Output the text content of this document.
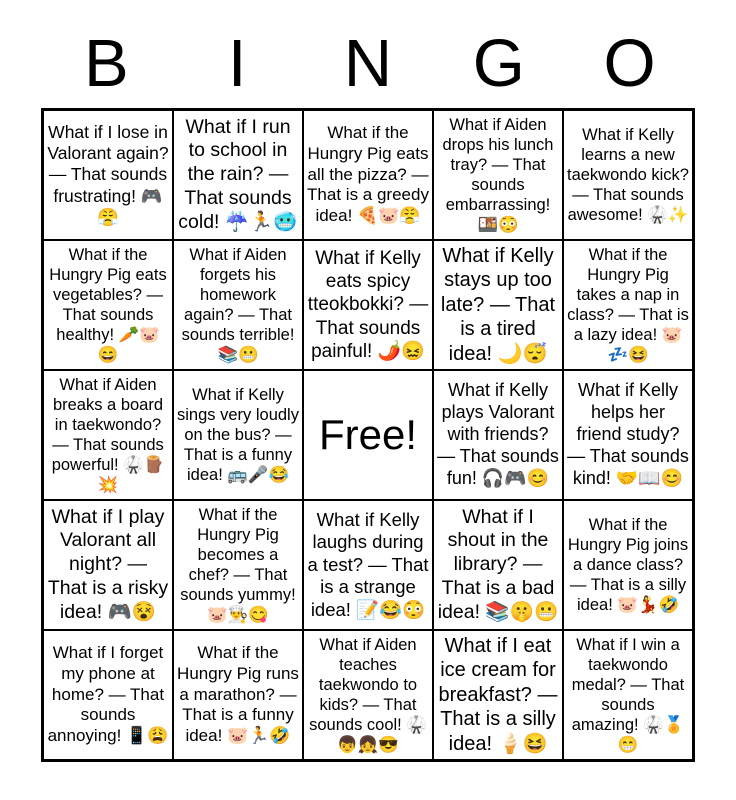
B	I	N	G	O
What if I lose in Valorant again? — That sounds frustrating! 🎮😤
What if I run to school in the rain? — That sounds cold! ☔🏃🥶
What if the Hungry Pig eats all the pizza? — That is a greedy idea! 🍕🐷😤
What if Aiden drops his lunch tray? — That sounds embarrassing! 🍱😳
What if Kelly learns a new taekwondo kick? — That sounds awesome! 🥋✨
What if the Hungry Pig eats vegetables? — That sounds healthy! 🥕🐷😄
What if Aiden forgets his homework again? — That sounds terrible! 📚😬
What if Kelly eats spicy tteokbokki? — That sounds painful! 🌶️😖
What if Kelly stays up too late? — That is a tired idea! 🌙😴
What if the Hungry Pig takes a nap in class? — That is a lazy idea! 🐷💤😆
What if Aiden breaks a board in taekwondo? — That sounds powerful! 🥋🪵💥
What if Kelly sings very loudly on the bus? — That is a funny idea! 🚌🎤😂
Free!
What if Kelly plays Valorant with friends? — That sounds fun! 🎧🎮😊
What if Kelly helps her friend study? — That sounds kind! 🤝📖😊
What if I play Valorant all night? — That is a risky idea! 🎮😵
What if the Hungry Pig becomes a chef? — That sounds yummy! 🐷👨‍🍳😋
What if Kelly laughs during a test? — That is a strange idea! 📝😂😳
What if I shout in the library? — That is a bad idea! 📚🤫😬
What if the Hungry Pig joins a dance class? — That is a silly idea! 🐷💃🤣
What if I forget my phone at home? — That sounds annoying! 📱😩
What if the Hungry Pig runs a marathon? — That is a funny idea! 🐷🏃🤣
What if Aiden teaches taekwondo to kids? — That sounds cool! 🥋👦👧😎
What if I eat ice cream for breakfast? — That is a silly idea! 🍦😆
What if I win a taekwondo medal? — That sounds amazing! 🥋🏅😁
